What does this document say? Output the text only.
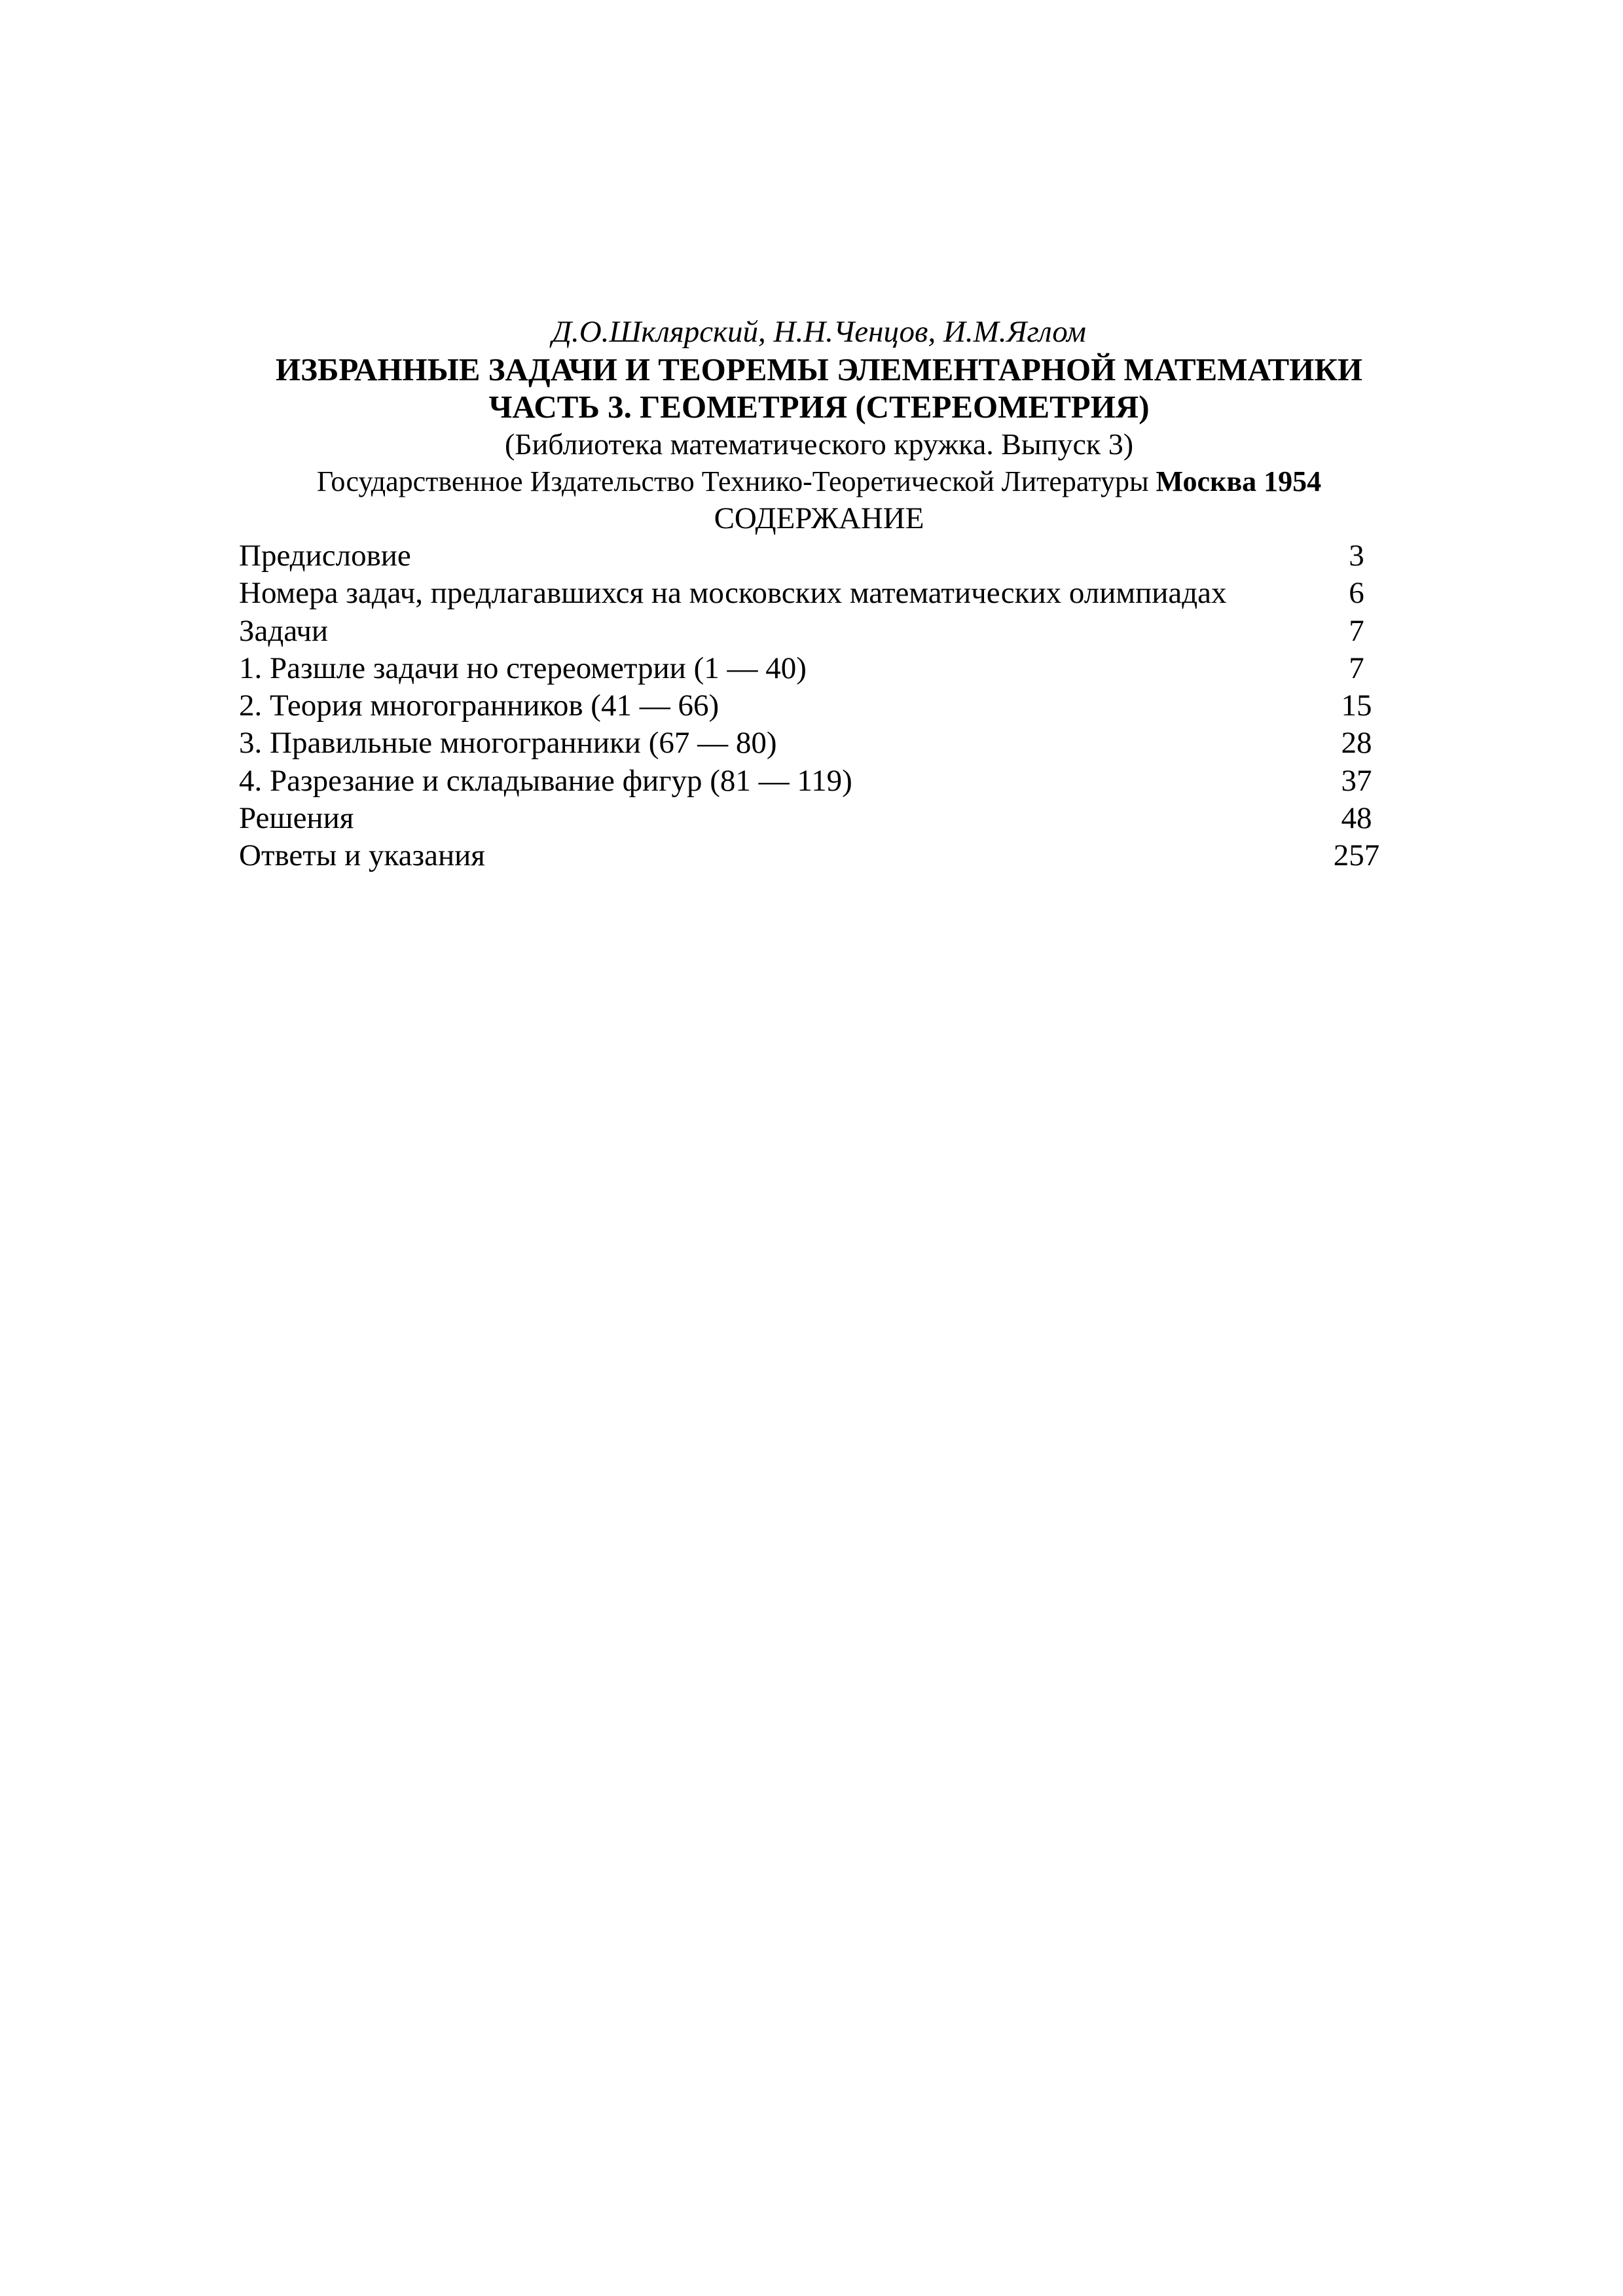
Д.О.Шклярский, Н.Н.Ченцов, И.М.Яглом
ИЗБРАННЫЕ ЗАДАЧИ И ТЕОРЕМЫ ЭЛЕМЕНТАРНОЙ МАТЕМАТИКИ
ЧАСТЬ 3. ГЕОМЕТРИЯ (СТЕРЕОМЕТРИЯ)
(Библиотека математического кружка. Выпуск 3)
Государственное Издательство Технико-Теоретической Литературы Москва 1954
СОДЕРЖАНИЕ
Предисловие	3
Номера задач, предлагавшихся на московских математических олимпиадах	6
Задачи	7
1. Разшле задачи но стереометрии (1 — 40)	7
2. Теория многогранников (41 — 66)	15
3. Правильные многогранники (67 — 80)	28
4. Разрезание и складывание фигур (81 — 119)	37
Решения	48
Ответы и указания	257
